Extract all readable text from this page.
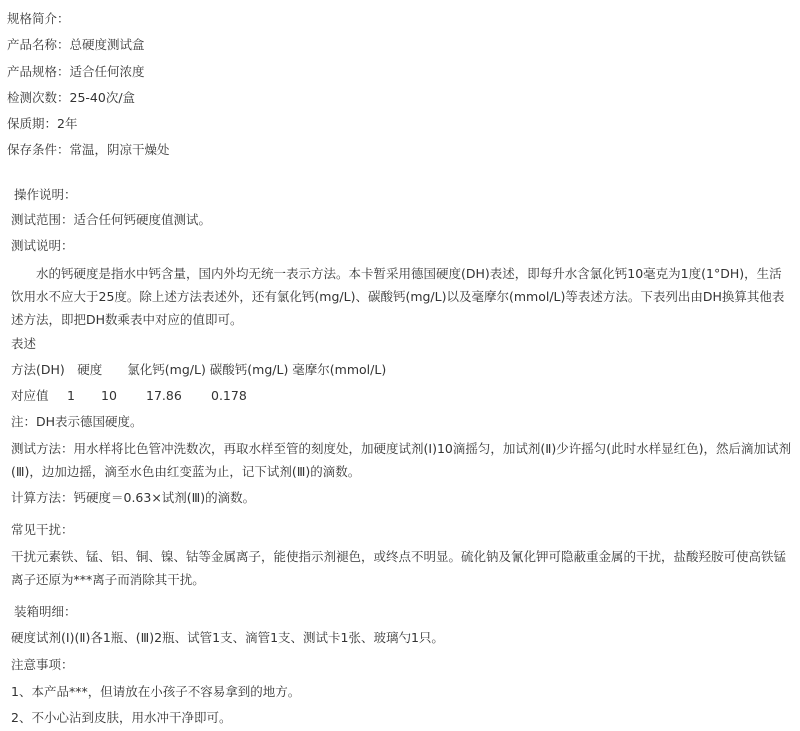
规格简介：
产品名称：总硬度测试盒
产品规格：适合任何浓度
检测次数：25-40次/盒
保质期：2年
保存条件：常温，阴凉干燥处
操作说明：
测试范围：适合任何钙硬度值测试。
测试说明：
水的钙硬度是指水中钙含量，国内外均无统一表示方法。本卡暂采用德国硬度(DH)表述，即每升水含氯化钙10毫克为1度(1°DH)，生活饮用水不应大于25度。除上述方法表述外，还有氯化钙(mg/L)、碳酸钙(mg/L)以及毫摩尔(mmol/L)等表述方法。下表列出由DH换算其他表述方法，即把DH数乘表中对应的值即可。
表述
方法(DH)　硬度　　氯化钙(mg/L) 碳酸钙(mg/L) 毫摩尔(mmol/L)
对应值 1 10 17.86 0.178
注：DH表示德国硬度。
测试方法：用水样将比色管冲洗数次，再取水样至管的刻度处，加硬度试剂(Ⅰ)10滴摇匀，加试剂(Ⅱ)少许摇匀(此时水样显红色)，然后滴加试剂(Ⅲ)，边加边摇，滴至水色由红变蓝为止，记下试剂(Ⅲ)的滴数。
计算方法：钙硬度＝0.63×试剂(Ⅲ)的滴数。
常见干扰：
干扰元素铁、锰、铝、铜、镍、钴等金属离子，能使指示剂褪色，或终点不明显。硫化钠及氰化钾可隐蔽重金属的干扰，盐酸羟胺可使高铁锰离子还原为***离子而消除其干扰。
装箱明细：
硬度试剂(Ⅰ)(Ⅱ)各1瓶、(Ⅲ)2瓶、试管1支、滴管1支、测试卡1张、玻璃勺1只。
注意事项：
1、本产品***，但请放在小孩子不容易拿到的地方。
2、不小心沾到皮肤，用水冲干净即可。
